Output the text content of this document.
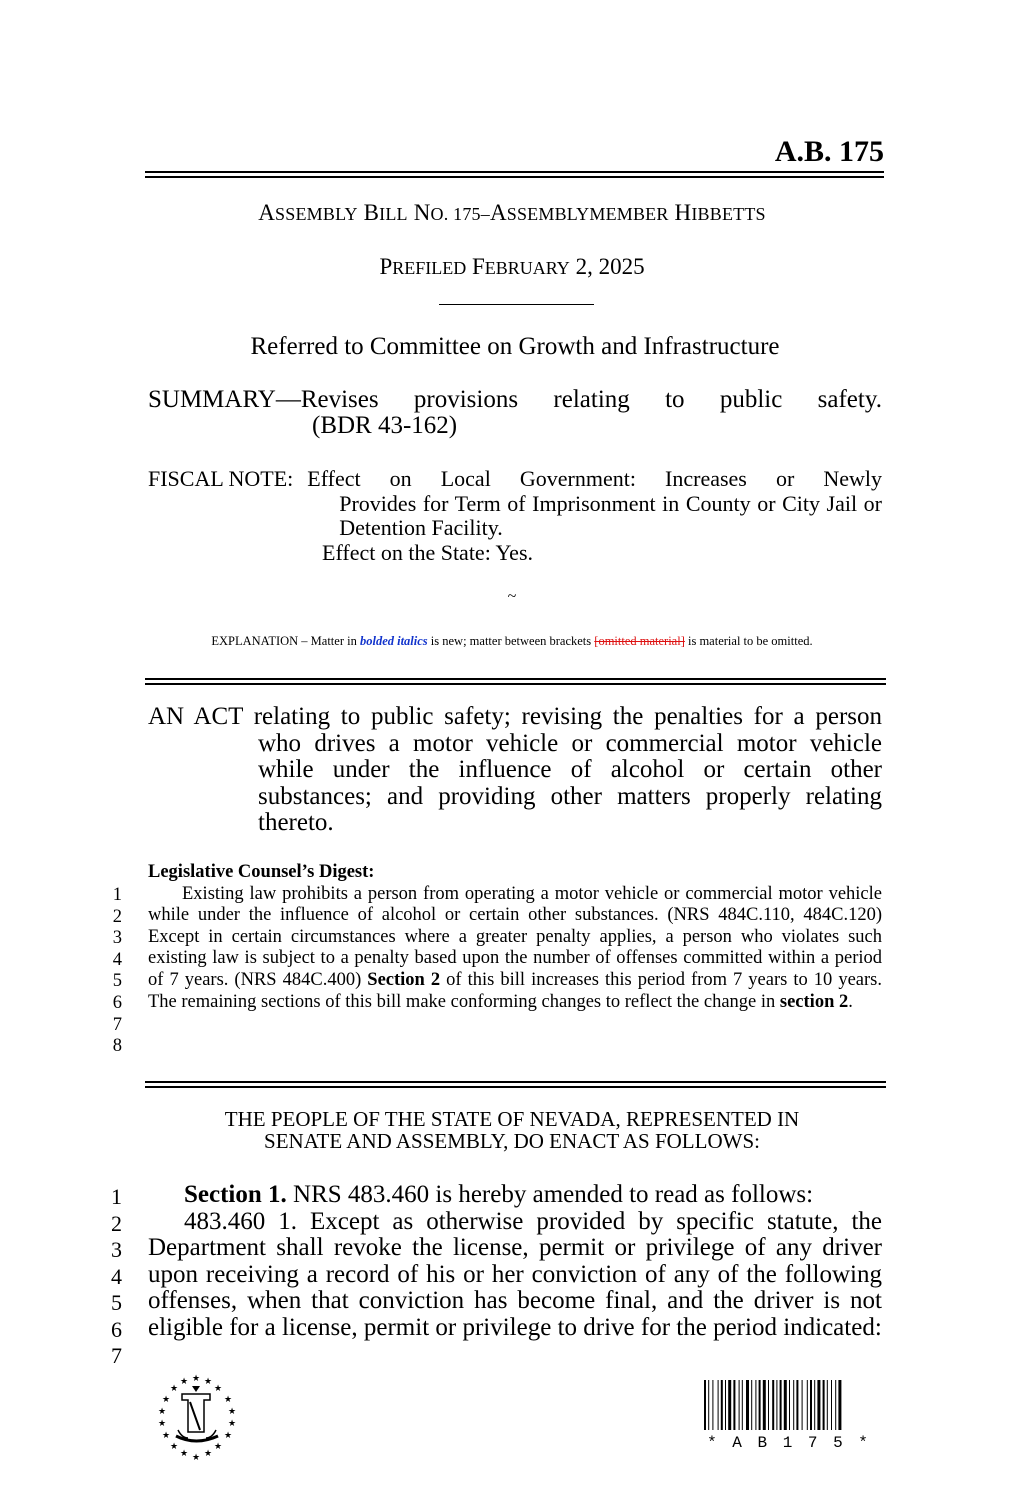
A.B. 175
ASSEMBLY BILL NO. 175–ASSEMBLYMEMBER HIBBETTS
PREFILED FEBRUARY 2, 2025
Referred to Committee on Growth and Infrastructure
SUMMARY—Revises provisions relating to public safety.
(BDR 43-162)
FISCAL NOTE: Effect on Local Government: Increases or Newly
Provides for Term of Imprisonment in County or City Jail or Detention Facility.
Effect on the State: Yes.
~
EXPLANATION – Matter in bolded italics is new; matter between brackets [omitted material] is material to be omitted.
AN ACT relating to public safety; revising the penalties for a person
who drives a motor vehicle or commercial motor vehicle while under the influence of alcohol or certain other substances; and providing other matters properly relating thereto.
1
2
3
4
5
6
7
8
Legislative Counsel’s Digest:
Existing law prohibits a person from operating a motor vehicle or commercial motor vehicle while under the influence of alcohol or certain other substances. (NRS 484C.110, 484C.120) Except in certain circumstances where a greater penalty applies, a person who violates such existing law is subject to a penalty based upon the number of offenses committed within a period of 7 years. (NRS 484C.400) Section 2 of this bill increases this period from 7 years to 10 years. The remaining sections of this bill make conforming changes to reflect the change in section 2.
THE PEOPLE OF THE STATE OF NEVADA, REPRESENTED IN
SENATE AND ASSEMBLY, DO ENACT AS FOLLOWS:
1
2
3
4
5
6
7
Section 1. NRS 483.460 is hereby amended to read as follows:
483.460 1. Except as otherwise provided by specific statute, the Department shall revoke the license, permit or privilege of any driver upon receiving a record of his or her conviction of any of the following offenses, when that conviction has become final, and the driver is not eligible for a license, permit or privilege to drive for the period indicated:
★
★ ★
★	★
★	★
★	★
★	★
★	★
★	★
★ ★
★
* A B 1 7 5 *
